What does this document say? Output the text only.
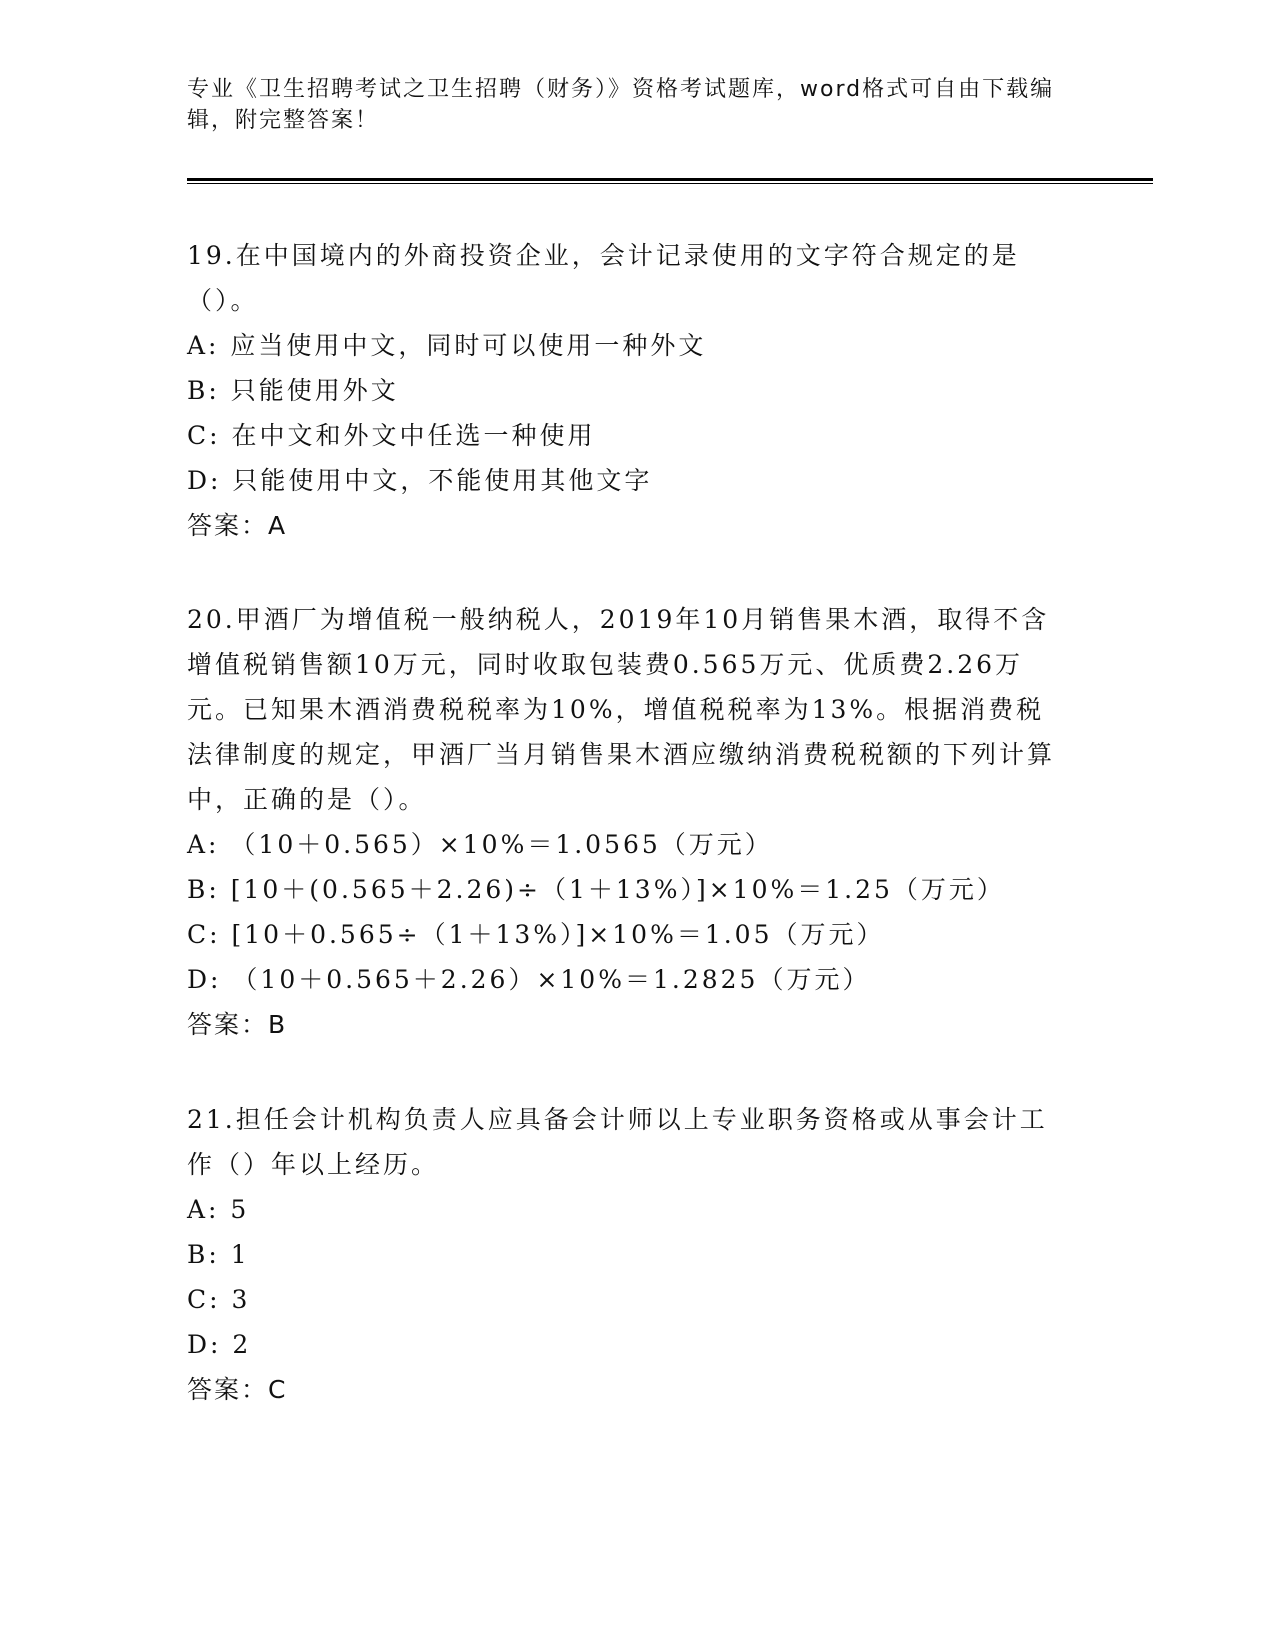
专业《卫生招聘考试之卫生招聘（财务）》资格考试题库，word格式可自由下载编辑，附完整答案！

19.在中国境内的外商投资企业，会计记录使用的文字符合规定的是（）。

A: 应当使用中文，同时可以使用一种外文

B: 只能使用外文

C: 在中文和外文中任选一种使用

D: 只能使用中文，不能使用其他文字

答案：A

20.甲酒厂为增值税一般纳税人，2019年10月销售果木酒，取得不含增值税销售额10万元，同时收取包装费0.565万元、优质费2.26万元。已知果木酒消费税税率为10%，增值税税率为13%。根据消费税法律制度的规定，甲酒厂当月销售果木酒应缴纳消费税税额的下列计算中，正确的是（）。

A: （10＋0.565）×10%＝1.0565（万元）

B: [10＋(0.565＋2.26)÷（1＋13%）]×10%＝1.25（万元）

C: [10＋0.565÷（1＋13%）]×10%＝1.05（万元）

D: （10＋0.565＋2.26）×10%＝1.2825（万元）

答案：B

21.担任会计机构负责人应具备会计师以上专业职务资格或从事会计工作（）年以上经历。

A: 5

B: 1

C: 3

D: 2

答案：C
